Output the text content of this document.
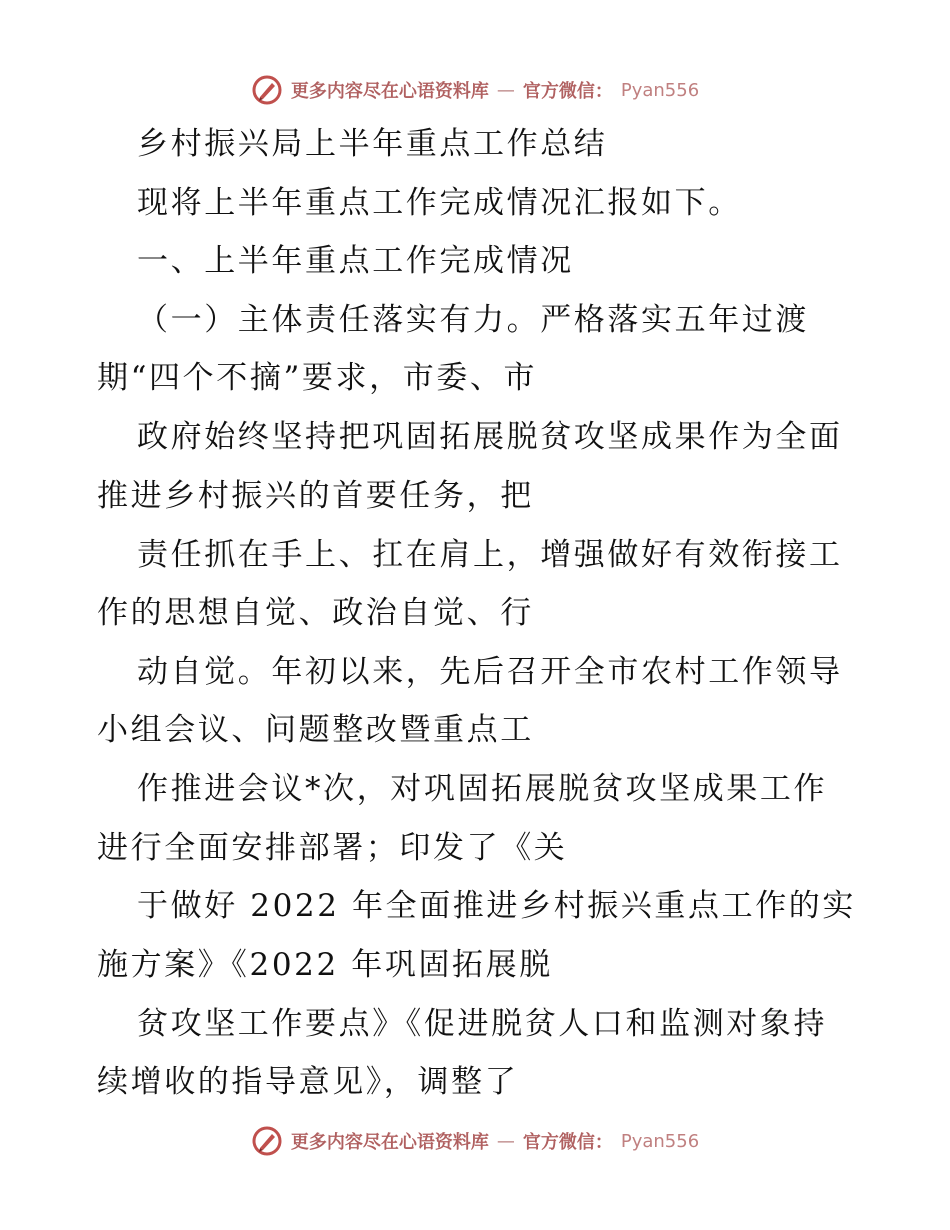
更多内容尽在心语资料库 — 官方微信： Pyan556
乡村振兴局上半年重点工作总结
现将上半年重点工作完成情况汇报如下。
一、上半年重点工作完成情况
（一）主体责任落实有力。严格落实五年过渡
期“四个不摘”要求，市委、市
政府始终坚持把巩固拓展脱贫攻坚成果作为全面
推进乡村振兴的首要任务，把
责任抓在手上、扛在肩上，增强做好有效衔接工
作的思想自觉、政治自觉、行
动自觉。年初以来，先后召开全市农村工作领导
小组会议、问题整改暨重点工
作推进会议*次，对巩固拓展脱贫攻坚成果工作
进行全面安排部署；印发了《关
于做好 2022 年全面推进乡村振兴重点工作的实
施方案》《2022 年巩固拓展脱
贫攻坚工作要点》《促进脱贫人口和监测对象持
续增收的指导意见》，调整了
更多内容尽在心语资料库 — 官方微信： Pyan556
